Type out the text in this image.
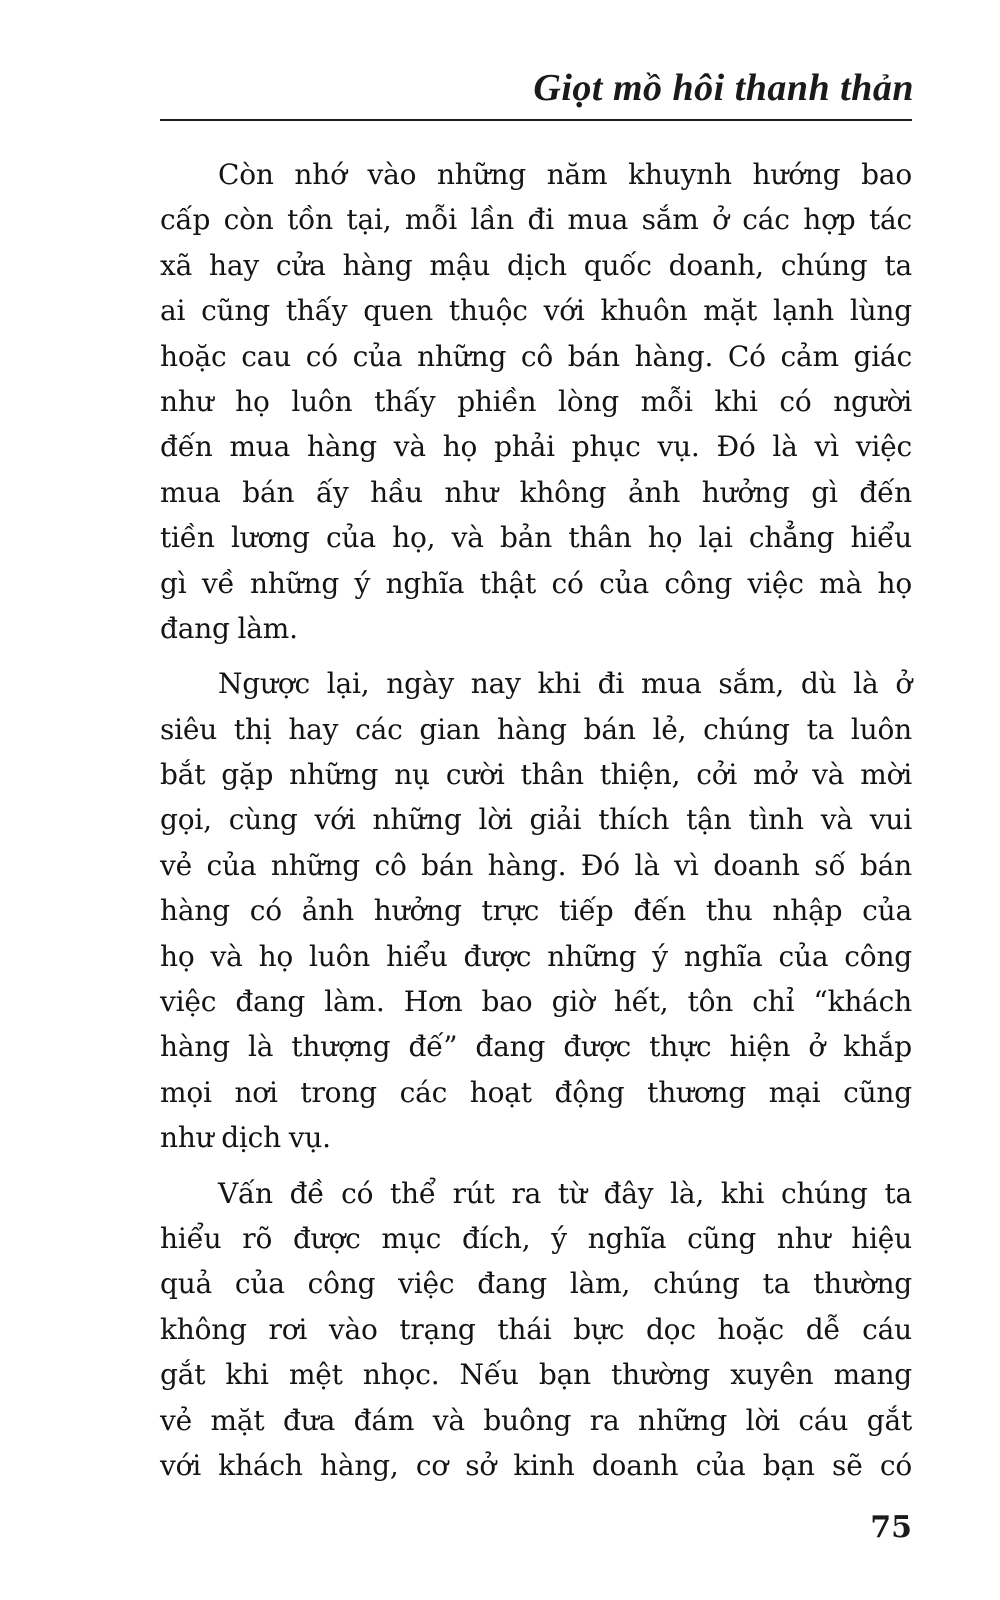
Giọt mồ hôi thanh thản
Còn nhớ vào những năm khuynh hướng bao
cấp còn tồn tại, mỗi lần đi mua sắm ở các hợp tác
xã hay cửa hàng mậu dịch quốc doanh, chúng ta
ai cũng thấy quen thuộc với khuôn mặt lạnh lùng
hoặc cau có của những cô bán hàng. Có cảm giác
như họ luôn thấy phiền lòng mỗi khi có người
đến mua hàng và họ phải phục vụ. Đó là vì việc
mua bán ấy hầu như không ảnh hưởng gì đến
tiền lương của họ, và bản thân họ lại chẳng hiểu
gì về những ý nghĩa thật có của công việc mà họ
đang làm.
Ngược lại, ngày nay khi đi mua sắm, dù là ở
siêu thị hay các gian hàng bán lẻ, chúng ta luôn
bắt gặp những nụ cười thân thiện, cởi mở và mời
gọi, cùng với những lời giải thích tận tình và vui
vẻ của những cô bán hàng. Đó là vì doanh số bán
hàng có ảnh hưởng trực tiếp đến thu nhập của
họ và họ luôn hiểu được những ý nghĩa của công
việc đang làm. Hơn bao giờ hết, tôn chỉ “khách
hàng là thượng đế” đang được thực hiện ở khắp
mọi nơi trong các hoạt động thương mại cũng
như dịch vụ.
Vấn đề có thể rút ra từ đây là, khi chúng ta
hiểu rõ được mục đích, ý nghĩa cũng như hiệu
quả của công việc đang làm, chúng ta thường
không rơi vào trạng thái bực dọc hoặc dễ cáu
gắt khi mệt nhọc. Nếu bạn thường xuyên mang
vẻ mặt đưa đám và buông ra những lời cáu gắt
với khách hàng, cơ sở kinh doanh của bạn sẽ có
75
